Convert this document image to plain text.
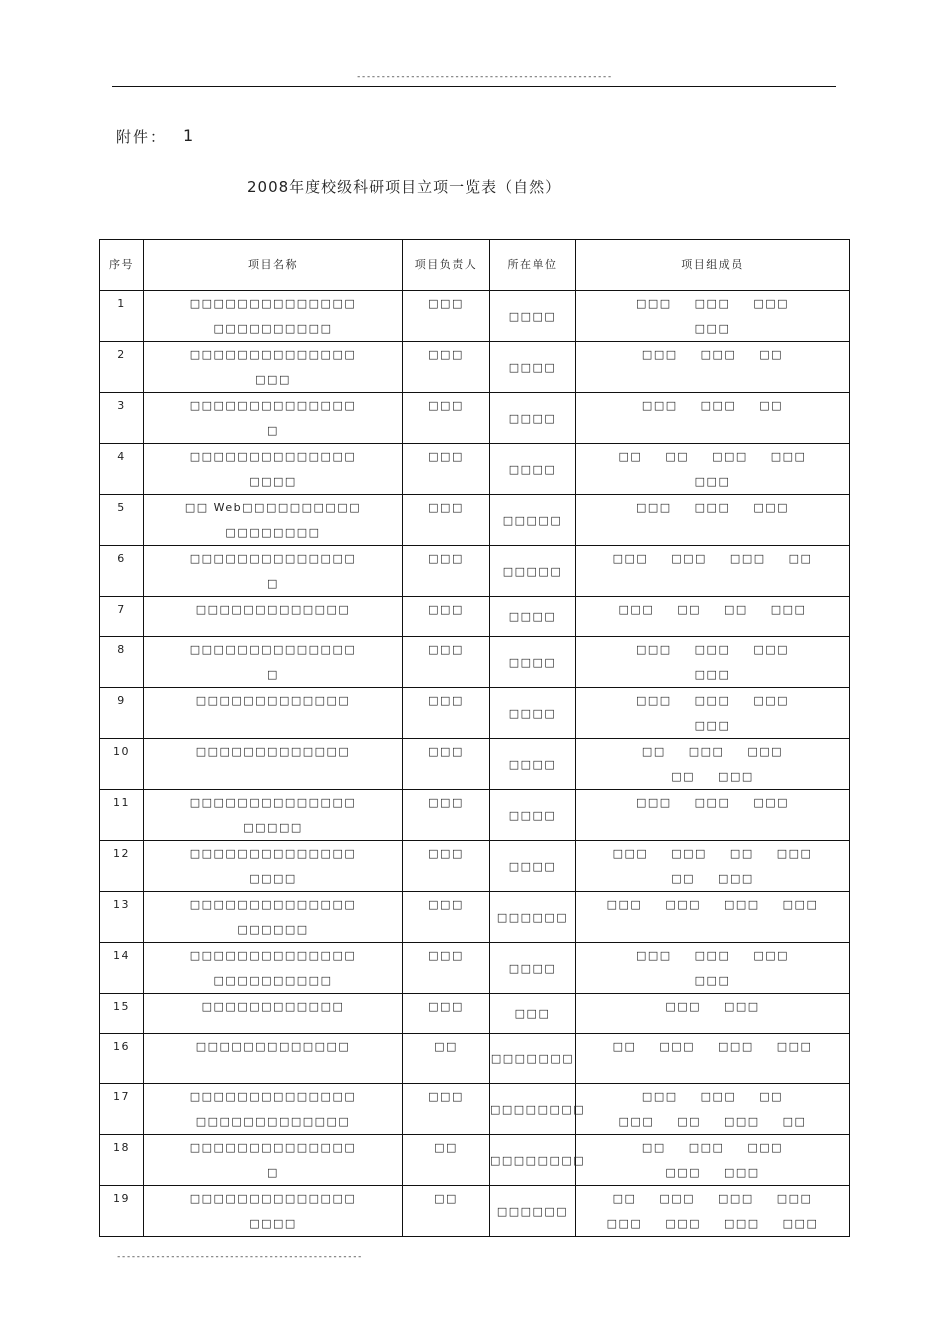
----------------------------------------------------
附件： 1
2008年度校级科研项目立项一览表（自然）
序号	项目名称	项目负责人	所在单位	项目组成员
1	□□□□□□□□□□□□□□
□□□□□□□□□□	□□□	□□□□	□□□ □□□ □□□
□□□

2	□□□□□□□□□□□□□□
□□□	□□□	□□□□	□□□ □□□ □□

3	□□□□□□□□□□□□□□
□	□□□	□□□□	□□□ □□□ □□

4	□□□□□□□□□□□□□□
□□□□	□□□	□□□□	□□ □□ □□□ □□□
□□□

5	□□ Web□□□□□□□□□□
□□□□□□□□	□□□	□□□□□	□□□ □□□ □□□

6	□□□□□□□□□□□□□□
□	□□□	□□□□□	□□□ □□□ □□□ □□

7	□□□□□□□□□□□□□	□□□	□□□□	□□□ □□ □□ □□□

8	□□□□□□□□□□□□□□
□	□□□	□□□□	□□□ □□□ □□□
□□□

9	□□□□□□□□□□□□□	□□□	□□□□	□□□ □□□ □□□
□□□

10	□□□□□□□□□□□□□	□□□	□□□□	□□ □□□ □□□
□□ □□□

11	□□□□□□□□□□□□□□
□□□□□	□□□	□□□□	□□□ □□□ □□□

12	□□□□□□□□□□□□□□
□□□□	□□□	□□□□	□□□ □□□ □□ □□□
□□ □□□

13	□□□□□□□□□□□□□□
□□□□□□	□□□	□□□□□□	□□□ □□□ □□□ □□□

14	□□□□□□□□□□□□□□
□□□□□□□□□□	□□□	□□□□	□□□ □□□ □□□
□□□

15	□□□□□□□□□□□□	□□□	□□□	□□□ □□□

16	□□□□□□□□□□□□□	□□	□□□□□□□	□□ □□□ □□□ □□□

17	□□□□□□□□□□□□□□
□□□□□□□□□□□□□	□□□	□□□□□□□□	□□□ □□□ □□
□□□ □□ □□□ □□

18	□□□□□□□□□□□□□□
□	□□	□□□□□□□□	□□ □□□ □□□
□□□ □□□

19	□□□□□□□□□□□□□□
□□□□	□□	□□□□□□	□□ □□□ □□□ □□□
□□□ □□□ □□□ □□□
--------------------------------------------------
